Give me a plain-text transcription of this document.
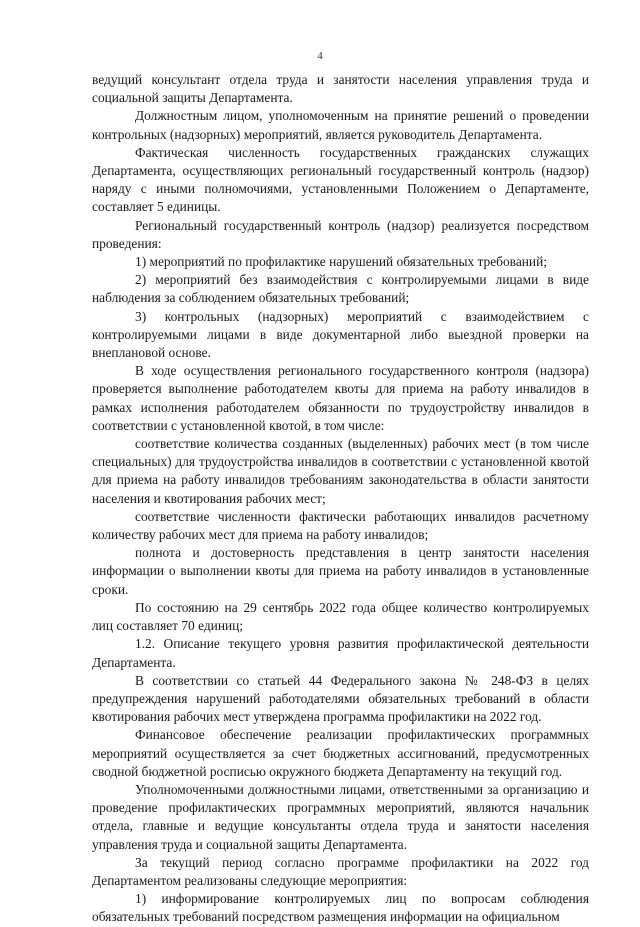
4

ведущий консультант отдела труда и занятости населения управления труда и социальной защиты Департамента.

Должностным лицом, уполномоченным на принятие решений о проведении контрольных (надзорных) мероприятий, является руководитель Департамента.

Фактическая численность государственных гражданских служащих Департамента, осуществляющих региональный государственный контроль (надзор) наряду с иными полномочиями, установленными Положением о Департаменте, составляет 5 единицы.

Региональный государственный контроль (надзор) реализуется посредством проведения:

1) мероприятий по профилактике нарушений обязательных требований;

2) мероприятий без взаимодействия с контролируемыми лицами в виде наблюдения за соблюдением обязательных требований;

3) контрольных (надзорных) мероприятий с взаимодействием с контролируемыми лицами в виде документарной либо выездной проверки на внеплановой основе.

В ходе осуществления регионального государственного контроля (надзора) проверяется выполнение работодателем квоты для приема на работу инвалидов в рамках исполнения работодателем обязанности по трудоустройству инвалидов в соответствии с установленной квотой, в том числе:

соответствие количества созданных (выделенных) рабочих мест (в том числе специальных) для трудоустройства инвалидов в соответствии с установленной квотой для приема на работу инвалидов требованиям законодательства в области занятости населения и квотирования рабочих мест;

соответствие численности фактически работающих инвалидов расчетному количеству рабочих мест для приема на работу инвалидов;

полнота и достоверность представления в центр занятости населения информации о выполнении квоты для приема на работу инвалидов в установленные сроки.

По состоянию на 29 сентябрь 2022 года общее количество контролируемых лиц составляет 70 единиц;

1.2. Описание текущего уровня развития профилактической деятельности Департамента.

В соответствии со статьей 44 Федерального закона № 248-ФЗ в целях предупреждения нарушений работодателями обязательных требований в области квотирования рабочих мест утверждена программа профилактики на 2022 год.

Финансовое обеспечение реализации профилактических программных мероприятий осуществляется за счет бюджетных ассигнований, предусмотренных сводной бюджетной росписью окружного бюджета Департаменту на текущий год.

Уполномоченными должностными лицами, ответственными за организацию и проведение профилактических программных мероприятий, являются начальник отдела, главные и ведущие консультанты отдела труда и занятости населения управления труда и социальной защиты Департамента.

За текущий период согласно программе профилактики на 2022 год Департаментом реализованы следующие мероприятия:

1) информирование контролируемых лиц по вопросам соблюдения обязательных требований посредством размещения информации на официальном
